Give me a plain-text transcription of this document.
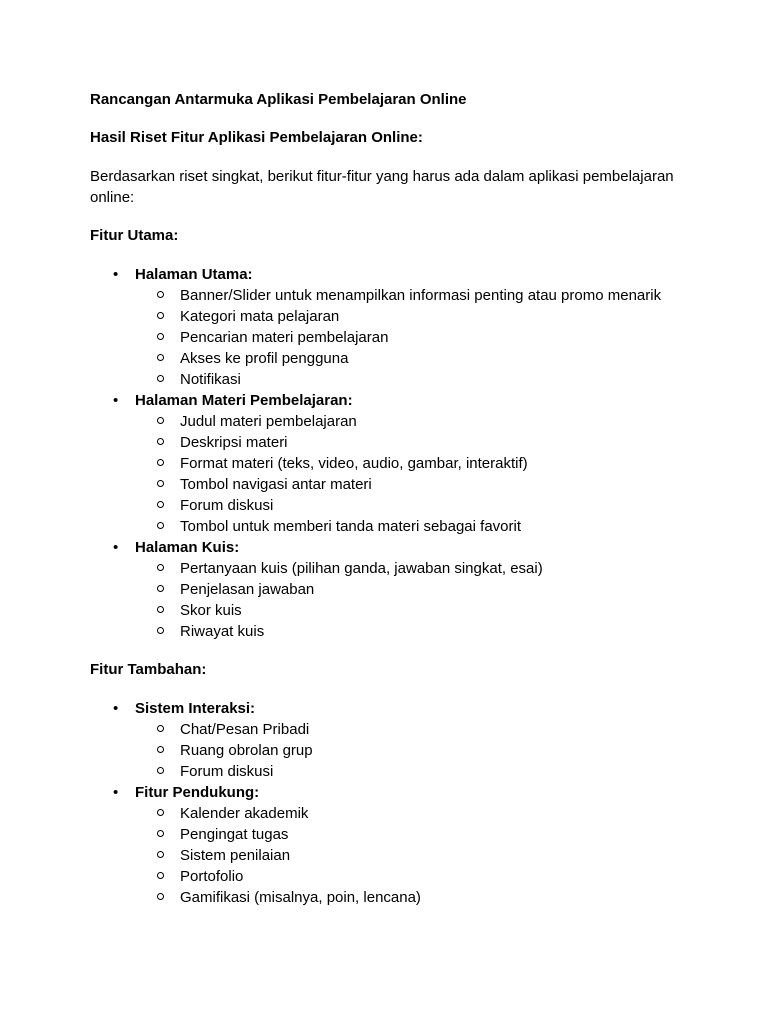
Rancangan Antarmuka Aplikasi Pembelajaran Online

Hasil Riset Fitur Aplikasi Pembelajaran Online:

Berdasarkan riset singkat, berikut fitur-fitur yang harus ada dalam aplikasi pembelajaran online:

Fitur Utama:

• Halaman Utama:
Banner/Slider untuk menampilkan informasi penting atau promo menarik
Kategori mata pelajaran
Pencarian materi pembelajaran
Akses ke profil pengguna
Notifikasi
• Halaman Materi Pembelajaran:
Judul materi pembelajaran
Deskripsi materi
Format materi (teks, video, audio, gambar, interaktif)
Tombol navigasi antar materi
Forum diskusi
Tombol untuk memberi tanda materi sebagai favorit
• Halaman Kuis:
Pertanyaan kuis (pilihan ganda, jawaban singkat, esai)
Penjelasan jawaban
Skor kuis
Riwayat kuis

Fitur Tambahan:

• Sistem Interaksi:
Chat/Pesan Pribadi
Ruang obrolan grup
Forum diskusi
• Fitur Pendukung:
Kalender akademik
Pengingat tugas
Sistem penilaian
Portofolio
Gamifikasi (misalnya, poin, lencana)
